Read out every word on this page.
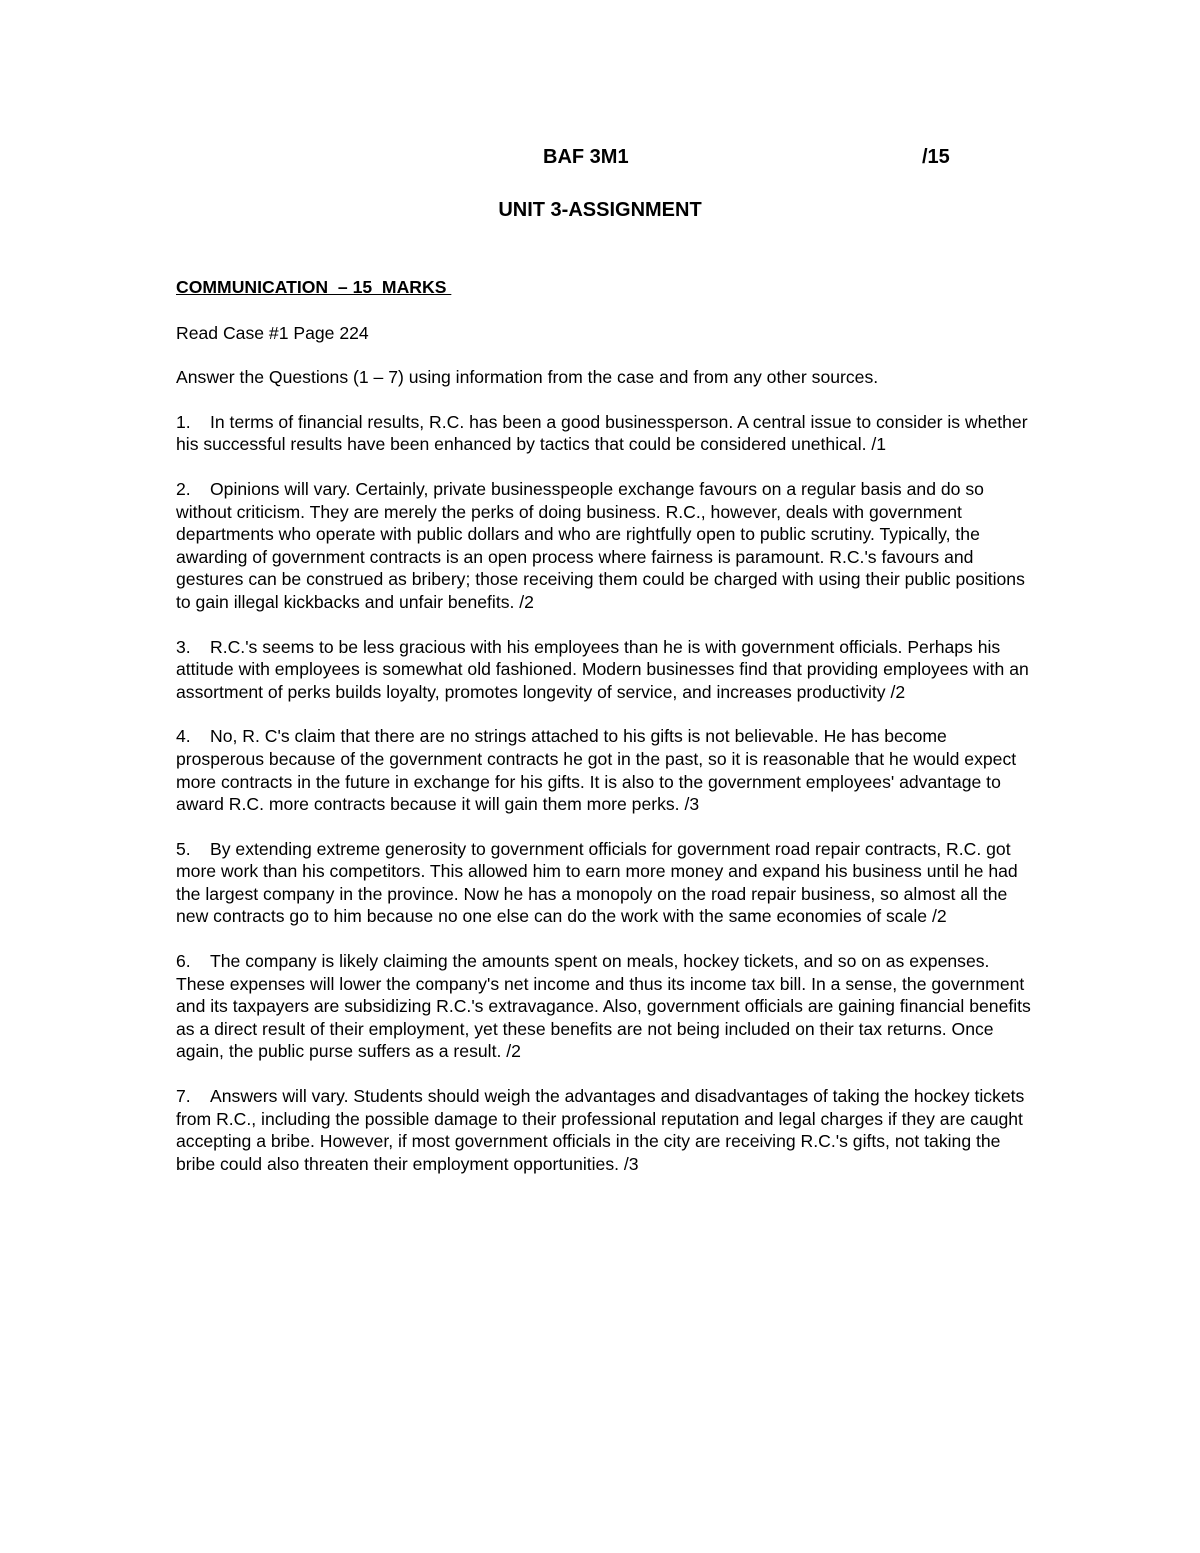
BAF 3M1	/15
UNIT 3-ASSIGNMENT
COMMUNICATION  – 15  MARKS

Read Case #1 Page 224

Answer the Questions (1 – 7) using information from the case and from any other sources.

1. In terms of financial results, R.C. has been a good businessperson. A central issue to consider is whether his successful results have been enhanced by tactics that could be considered unethical. /1

2. Opinions will vary. Certainly, private businesspeople exchange favours on a regular basis and do so without criticism. They are merely the perks of doing business. R.C., however, deals with government departments who operate with public dollars and who are rightfully open to public scrutiny. Typically, the awarding of government contracts is an open process where fairness is paramount. R.C.'s favours and gestures can be construed as bribery; those receiving them could be charged with using their public positions to gain illegal kickbacks and unfair benefits. /2

3. R.C.'s seems to be less gracious with his employees than he is with government officials. Perhaps his attitude with employees is somewhat old fashioned. Modern businesses find that providing employees with an assortment of perks builds loyalty, promotes longevity of service, and increases productivity /2

4. No, R. C's claim that there are no strings attached to his gifts is not believable. He has become prosperous because of the government contracts he got in the past, so it is reasonable that he would expect more contracts in the future in exchange for his gifts. It is also to the government employees' advantage to award R.C. more contracts because it will gain them more perks. /3

5. By extending extreme generosity to government officials for government road repair contracts, R.C. got more work than his competitors. This allowed him to earn more money and expand his business until he had the largest company in the province. Now he has a monopoly on the road repair business, so almost all the new contracts go to him because no one else can do the work with the same economies of scale /2

6. The company is likely claiming the amounts spent on meals, hockey tickets, and so on as expenses. These expenses will lower the company's net income and thus its income tax bill. In a sense, the government and its taxpayers are subsidizing R.C.'s extravagance. Also, government officials are gaining financial benefits as a direct result of their employment, yet these benefits are not being included on their tax returns. Once again, the public purse suffers as a result. /2

7. Answers will vary. Students should weigh the advantages and disadvantages of taking the hockey tickets from R.C., including the possible damage to their professional reputation and legal charges if they are caught accepting a bribe. However, if most government officials in the city are receiving R.C.'s gifts, not taking the bribe could also threaten their employment opportunities. /3
